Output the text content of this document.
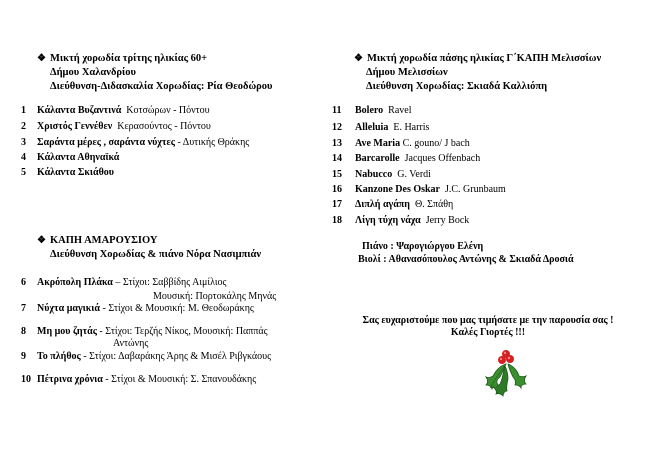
❖ Μικτή χορωδία τρίτης ηλικίας 60+
Δήμου Χαλανδρίου
Διεύθυνση-Διδασκαλία Χορωδίας: Ρία Θεοδώρου
1 Κάλαντα Βυζαντινά Κοτσώρων - Πόντου
2 Χριστός Γεννέθεν Κερασούντος - Πόντου
3 Σαράντα μέρες , σαράντα νύχτες - Δυτικής Θράκης
4 Κάλαντα Αθηναϊκά
5 Κάλαντα Σκιάθου
❖ ΚΑΠΗ ΑΜΑΡΟΥΣΙΟΥ
Διεύθυνση Χορωδίας & πιάνο Νόρα Νασιμπιάν
6 Ακρόπολη Πλάκα – Στίχοι: Σαββίδης Αιμίλιος
Μουσική: Πορτοκάλης Μηνάς
7 Νύχτα μαγικιά - Στίχοι & Μουσική: Μ. Θεοδωράκης
8 Μη μου ζητάς - Στίχοι: Τερζής Νίκος, Μουσική: Παππάς
Αντώνης
9 Το πλήθος - Στίχοι: Δαβαράκης Άρης & Μισέλ Ριβγκάους
10 Πέτρινα χρόνια - Στίχοι & Μουσική: Σ. Σπανουδάκης
❖ Μικτή χορωδία πάσης ηλικίας Γ΄ΚΑΠΗ Μελισσίων
Δήμου Μελισσίων
Διεύθυνση Χορωδίας: Σκιαδά Καλλιόπη
11 Bolero Ravel
12 Alleluia E. Harris
13 Ave Maria C. gouno/ J bach
14 Barcarolle Jacques Offenbach
15 Nabucco G. Verdi
16 Kanzone Des Oskar J.C. Grunbaum
17 Διπλή αγάπη Θ. Σπάθη
18 Λίγη τύχη νάχα Jerry Bock
Πιάνο : Ψαρογιώργου Ελένη
Βιολί : Αθανασόπουλος Αντώνης & Σκιαδά Δροσιά
Σας ευχαριστούμε που μας τιμήσατε με την παρουσία σας !
Καλές Γιορτές !!!
